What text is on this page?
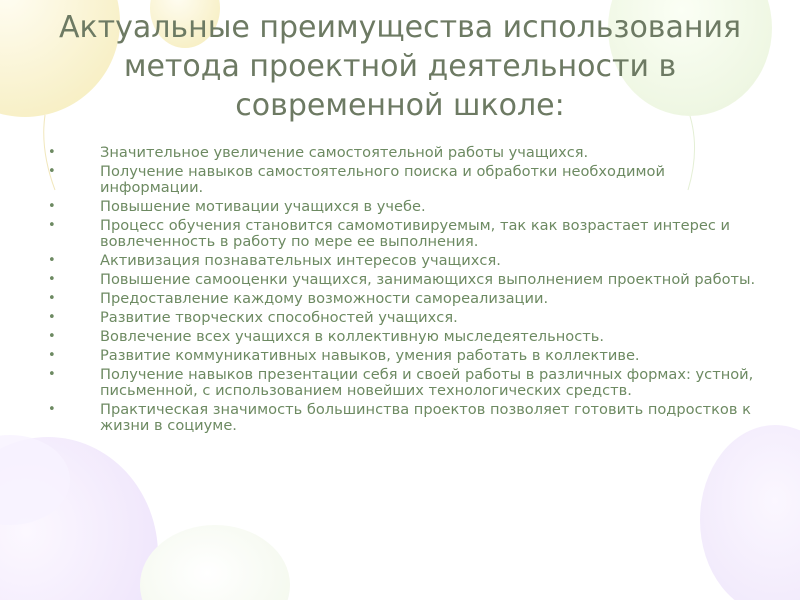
Актуальные преимущества использования метода проектной деятельности в современной школе:
•	Значительное увеличение самостоятельной работы учащихся.
•	Получение навыков самостоятельного поиска и обработки необходимой информации.
•	Повышение мотивации учащихся в учебе.
•	Процесс обучения становится самомотивируемым, так как возрастает интерес и вовлеченность в работу по мере ее выполнения.
•	Активизация познавательных интересов учащихся.
•	Повышение самооценки учащихся, занимающихся выполнением проектной работы.
•	Предоставление каждому возможности самореализации.
•	Развитие творческих способностей учащихся.
•	Вовлечение всех учащихся в коллективную мыследеятельность.
•	Развитие коммуникативных навыков, умения работать в коллективе.
•	Получение навыков презентации себя и своей работы в различных формах: устной, письменной, с использованием новейших технологических средств.
•	Практическая значимость большинства проектов позволяет готовить подростков к жизни в социуме.
